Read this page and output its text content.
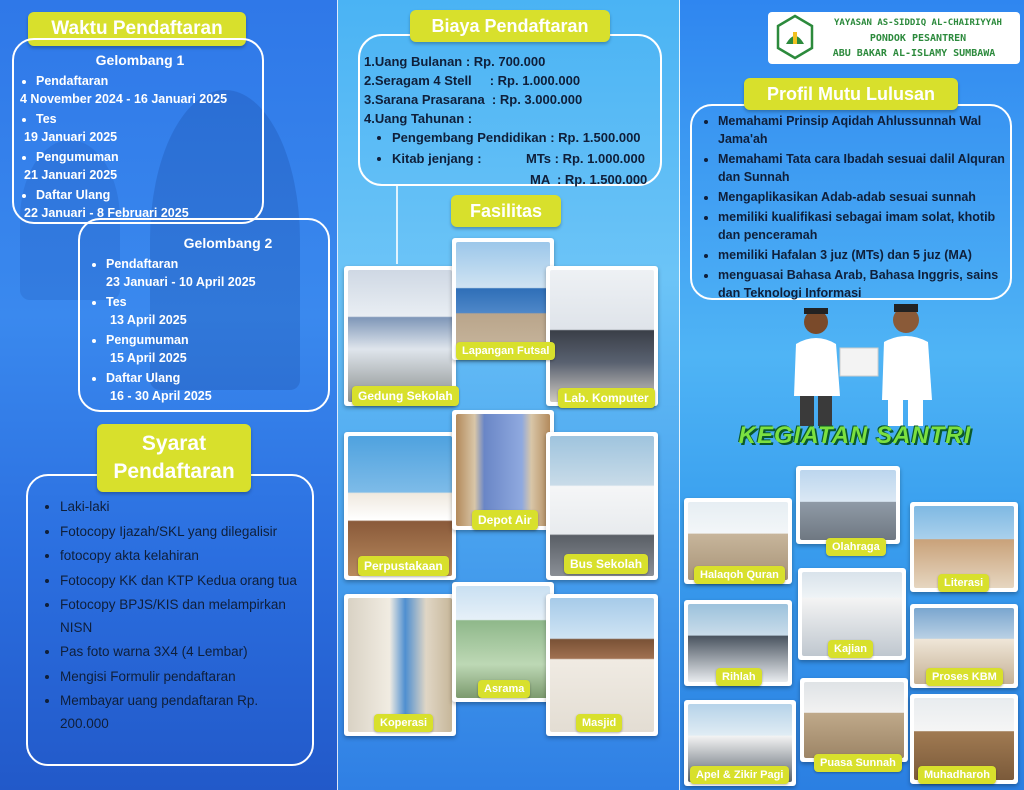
Waktu Pendaftaran
Gelombang 1
• Pendaftaran
4 November 2024 - 16 Januari 2025
• Tes
19 Januari 2025
• Pengumuman
21 Januari 2025
• Daftar Ulang
22 Januari - 8 Februari 2025
Gelombang 2
• Pendaftaran
23 Januari - 10 April 2025
• Tes
13 April 2025
• Pengumuman
15 April 2025
• Daftar Ulang
16 - 30 April 2025
Syarat
Pendaftaran
• Laki-laki
• Fotocopy Ijazah/SKL yang dilegalisir
• fotocopy akta kelahiran
• Fotocopy KK dan KTP Kedua orang tua
• Fotocopy BPJS/KIS dan melampirkan NISN
• Pas foto warna 3X4 (4 Lembar)
• Mengisi Formulir pendaftaran
• Membayar uang pendaftaran Rp. 200.000
Biaya Pendaftaran
1.Uang Bulanan : Rp. 700.000
2.Seragam 4 Stell     : Rp. 1.000.000
3.Sarana Prasarana  : Rp. 3.000.000
4.Uang Tahunan :
• Pengembang Pendidikan : Rp. 1.500.000
• Kitab jenjang :	MTs : Rp. 1.000.000
MA  : Rp. 1.500.000
Fasilitas
Lapangan Futsal
Gedung Sekolah	Lab. Komputer
Depot Air
Perpustakaan	Bus Sekolah
Asrama
Koperasi	Masjid
YAYASAN AS-SIDDIQ AL-CHAIRIYYAH
PONDOK PESANTREN
ABU BAKAR AL-ISLAMY SUMBAWA
Profil Mutu Lulusan
• Memahami Prinsip Aqidah Ahlussunnah Wal Jama'ah
• Memahami Tata cara Ibadah sesuai dalil Alquran dan Sunnah
• Mengaplikasikan Adab-adab sesuai sunnah
• memiliki kualifikasi sebagai imam solat, khotib dan penceramah
• memiliki Hafalan 3 juz (MTs) dan 5 juz (MA)
• menguasai Bahasa Arab, Bahasa Inggris, sains dan Teknologi Informasi
KEGIATAN SANTRI
Olahraga
Halaqoh Quran
Literasi
Kajian
Rihlah	Proses KBM
Puasa Sunnah
Apel & Zikir Pagi	Muhadharoh
